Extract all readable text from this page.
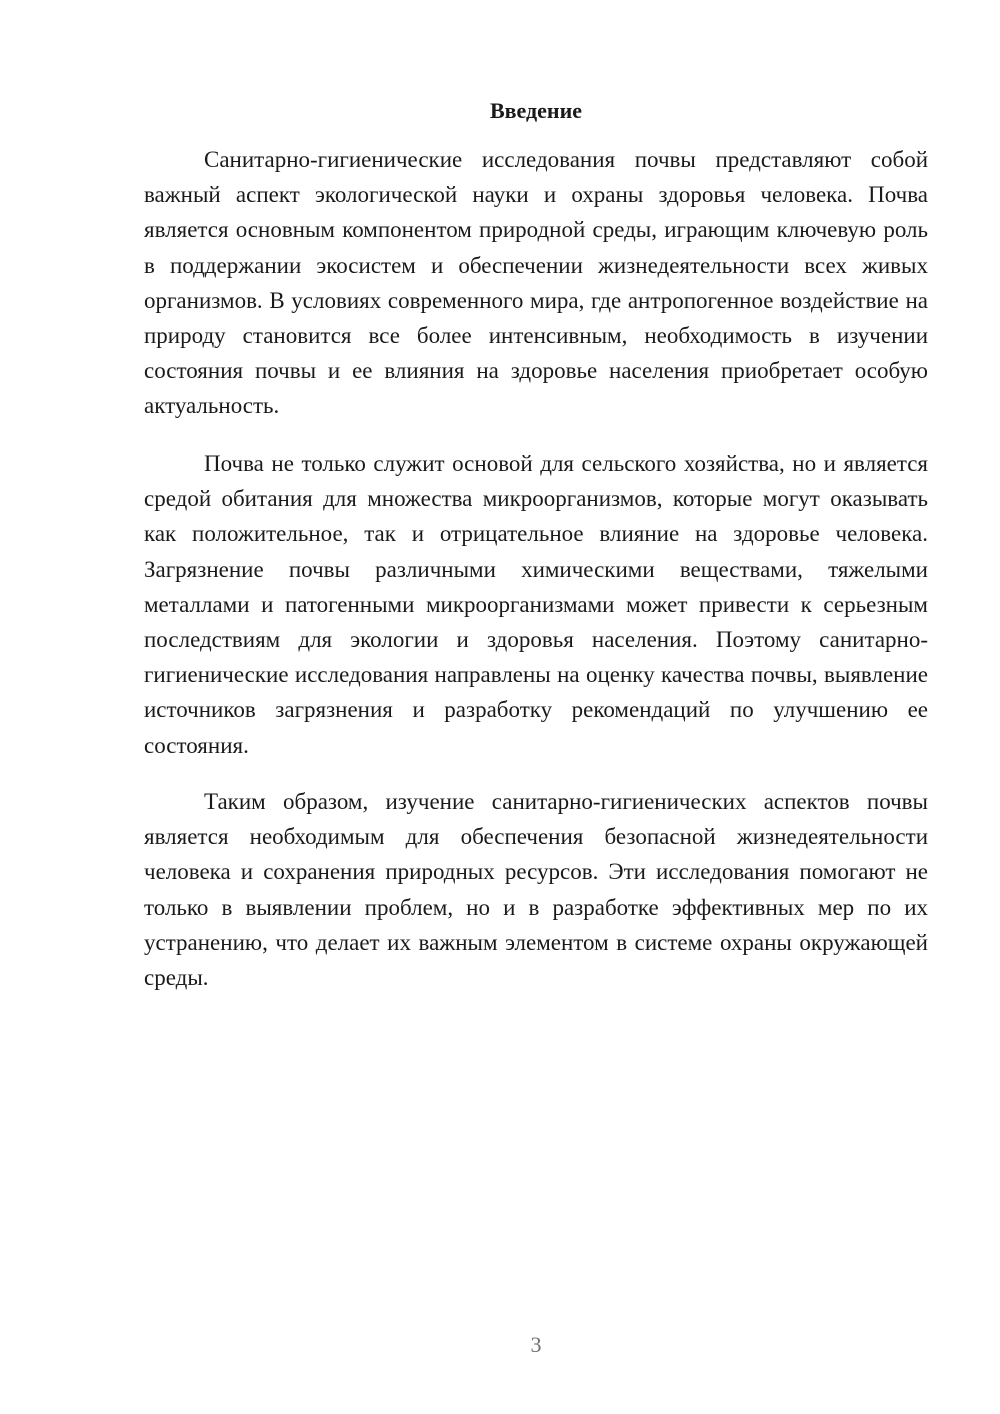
Введение

Санитарно-гигиенические исследования почвы представляют собой важный аспект экологической науки и охраны здоровья человека. Почва является основным компонентом природной среды, играющим ключевую роль в поддержании экосистем и обеспечении жизнедеятельности всех живых организмов. В условиях современного мира, где антропогенное воздействие на природу становится все более интенсивным, необходимость в изучении состояния почвы и ее влияния на здоровье населения приобретает особую актуальность.

Почва не только служит основой для сельского хозяйства, но и является средой обитания для множества микроорганизмов, которые могут оказывать как положительное, так и отрицательное влияние на здоровье человека. Загрязнение почвы различными химическими веществами, тяжелыми металлами и патогенными микроорганизмами может привести к серьезным последствиям для экологии и здоровья населения. Поэтому санитарно-гигиенические исследования направлены на оценку качества почвы, выявление источников загрязнения и разработку рекомендаций по улучшению ее состояния.

Таким образом, изучение санитарно-гигиенических аспектов почвы является необходимым для обеспечения безопасной жизнедеятельности человека и сохранения природных ресурсов. Эти исследования помогают не только в выявлении проблем, но и в разработке эффективных мер по их устранению, что делает их важным элементом в системе охраны окружающей среды.

3
